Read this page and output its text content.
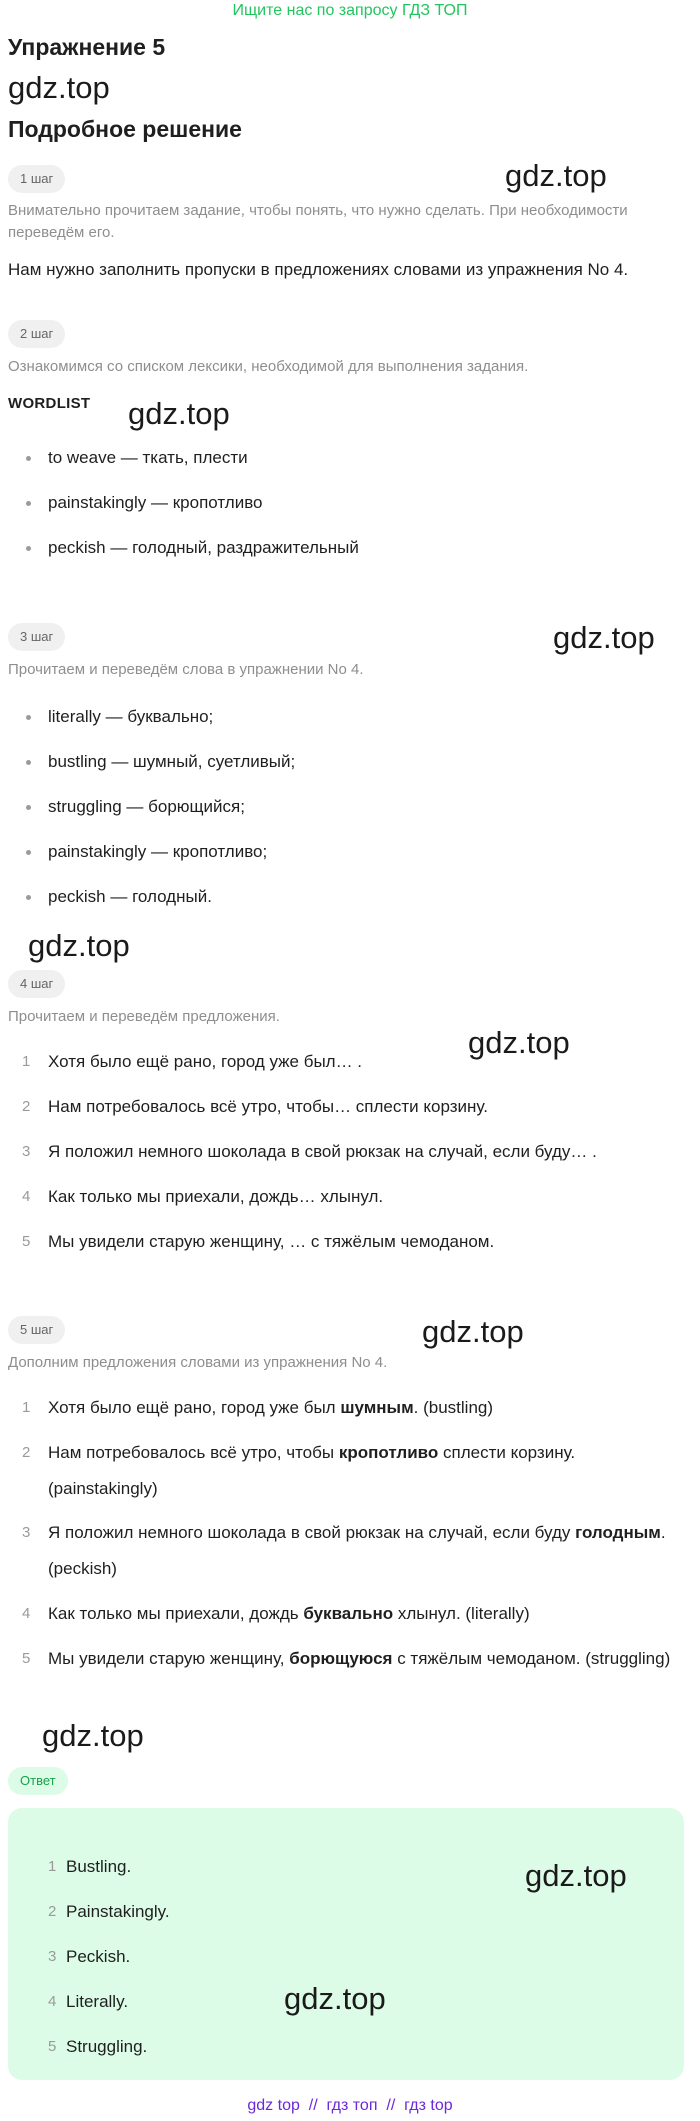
Ищите нас по запросу ГДЗ ТОП
Упражнение 5
gdz.top
Подробное решение
1 шаг	gdz.top
Внимательно прочитаем задание, чтобы понять, что нужно сделать. При необходимости переведём его.
Нам нужно заполнить пропуски в предложениях словами из упражнения No 4.
2 шаг
Ознакомимся со списком лексики, необходимой для выполнения задания.
WORDLIST gdz.top
to weave — ткать, плести
painstakingly — кропотливо
peckish — голодный, раздражительный
3 шаг	gdz.top
Прочитаем и переведём слова в упражнении No 4.
literally — буквально;
bustling — шумный, суетливый;
struggling — борющийся;
painstakingly — кропотливо;
peckish — голодный.
gdz.top
4 шаг
Прочитаем и переведём предложения.
gdz.top
1	Хотя было ещё рано, город уже был… .
2	Нам потребовалось всё утро, чтобы… сплести корзину.
3	Я положил немного шоколада в свой рюкзак на случай, если буду… .
4	Как только мы приехали, дождь… хлынул.
5	Мы увидели старую женщину, … с тяжёлым чемоданом.
5 шаг	gdz.top
Дополним предложения словами из упражнения No 4.
1	Хотя было ещё рано, город уже был шумным. (bustling)
2	Нам потребовалось всё утро, чтобы кропотливо сплести корзину. (painstakingly)
3	Я положил немного шоколада в свой рюкзак на случай, если буду голодным. (peckish)
4	Как только мы приехали, дождь буквально хлынул. (literally)
5	Мы увидели старую женщину, борющуюся с тяжёлым чемоданом. (struggling)
gdz.top
Ответ
1 Bustling.
2 Painstakingly.
3 Peckish.
4 Literally.
5 Struggling.
gdz.top
gdz.top
gdz top  //  гдз топ  //  гдз top
